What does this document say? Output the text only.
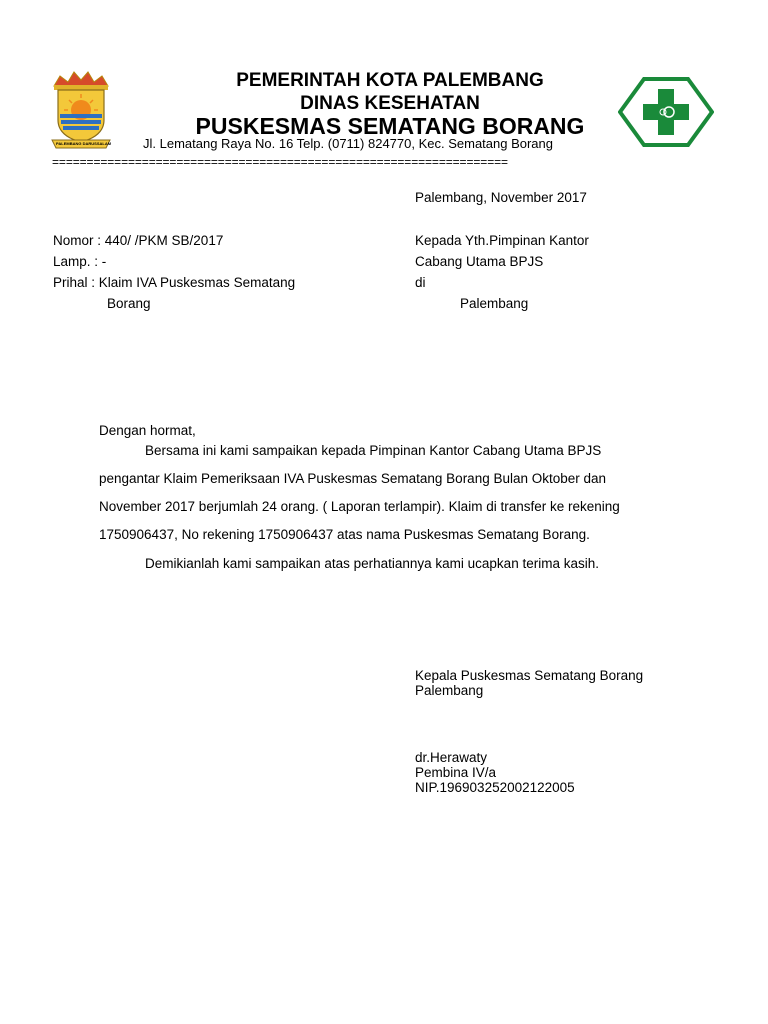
PALEMBANG DARUSSALAM
PEMERINTAH KOTA PALEMBANG
DINAS KESEHATAN
PUSKESMAS SEMATANG BORANG
Jl. Lematang Raya No. 16 Telp. (0711) 824770, Kec. Sematang Borang
==================================================================
Palembang, November 2017
Nomor : 440/ /PKM SB/2017
Lamp. : -
Prihal : Klaim IVA Puskesmas Sematang
Borang
Kepada Yth.Pimpinan Kantor
Cabang Utama BPJS
di
Palembang
Dengan hormat,
Bersama ini kami sampaikan kepada Pimpinan Kantor Cabang Utama BPJS
pengantar Klaim Pemeriksaan IVA Puskesmas Sematang Borang Bulan Oktober dan
November 2017 berjumlah 24 orang. ( Laporan terlampir). Klaim di transfer ke rekening
1750906437, No rekening 1750906437 atas nama Puskesmas Sematang Borang.
Demikianlah kami sampaikan atas perhatiannya kami ucapkan terima kasih.
Kepala Puskesmas Sematang Borang
Palembang
dr.Herawaty
Pembina IV/a
NIP.196903252002122005
